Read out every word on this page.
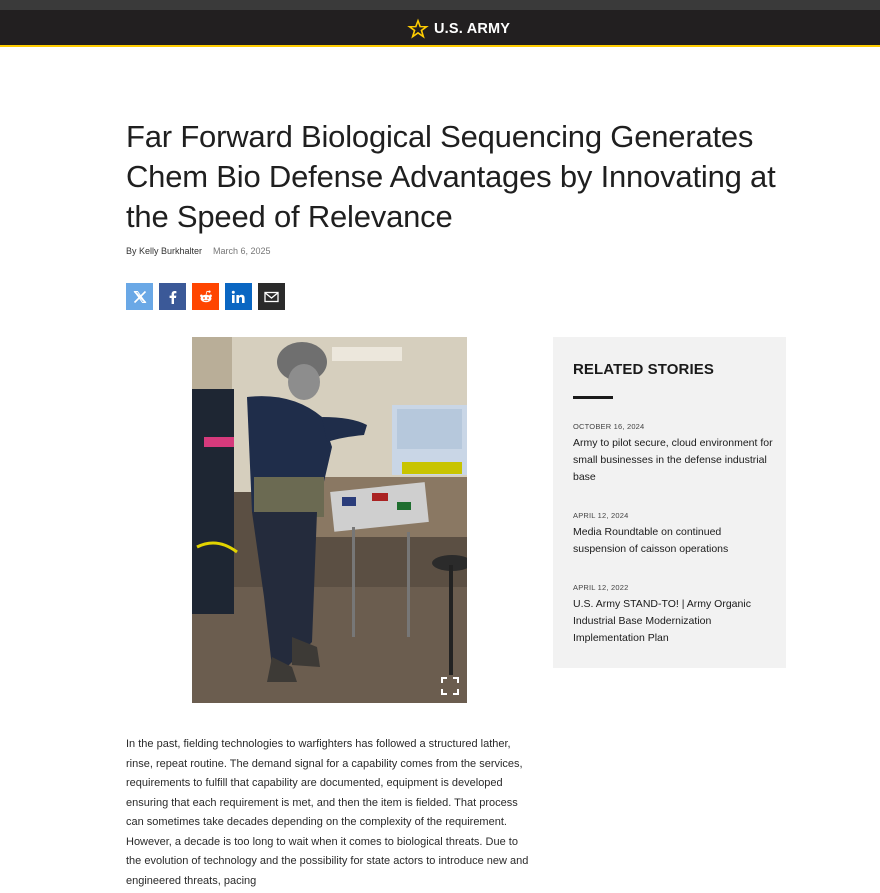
U.S. ARMY
Far Forward Biological Sequencing Generates Chem Bio Defense Advantages by Innovating at the Speed of Relevance
By Kelly Burkhalter March 6, 2025
RELATED STORIES
OCTOBER 16, 2024
Army to pilot secure, cloud environment for small businesses in the defense industrial base
APRIL 12, 2024
Media Roundtable on continued suspension of caisson operations
APRIL 12, 2022
U.S. Army STAND-TO! | Army Organic Industrial Base Modernization Implementation Plan

In the past, fielding technologies to warfighters has followed a structured lather, rinse, repeat routine. The demand signal for a capability comes from the services, requirements to fulfill that capability are documented, equipment is developed ensuring that each requirement is met, and then the item is fielded. That process can sometimes take decades depending on the complexity of the requirement. However, a decade is too long to wait when it comes to biological threats. Due to the evolution of technology and the possibility for state actors to introduce new and engineered threats, pacing
